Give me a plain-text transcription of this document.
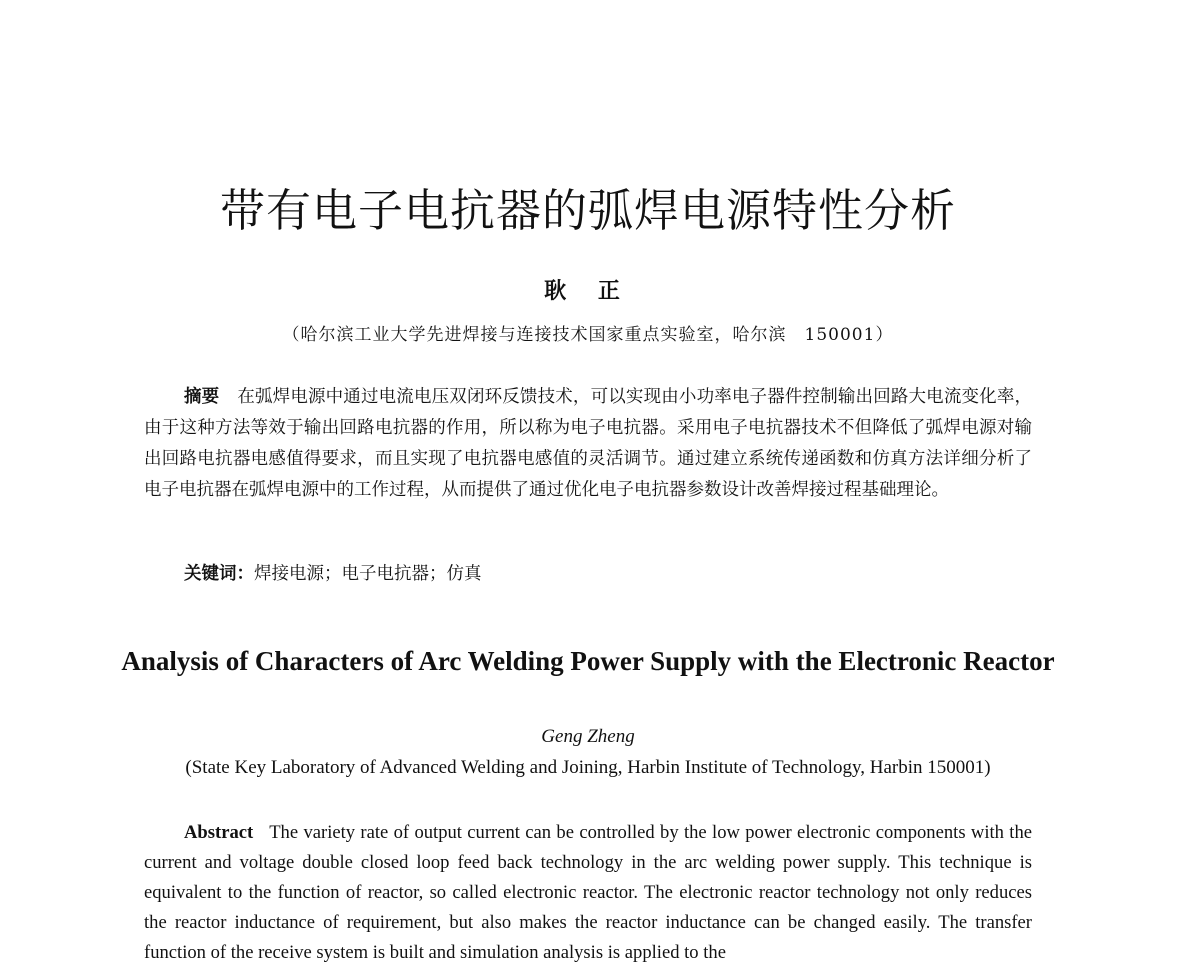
带有电子电抗器的弧焊电源特性分析
耿 正
（哈尔滨工业大学先进焊接与连接技术国家重点实验室，哈尔滨　150001）

摘要 在弧焊电源中通过电流电压双闭环反馈技术，可以实现由小功率电子器件控制输出回路大电流变化率，由于这种方法等效于输出回路电抗器的作用，所以称为电子电抗器。采用电子电抗器技术不但降低了弧焊电源对输出回路电抗器电感值得要求，而且实现了电抗器电感值的灵活调节。通过建立系统传递函数和仿真方法详细分析了电子电抗器在弧焊电源中的工作过程，从而提供了通过优化电子电抗器参数设计改善焊接过程基础理论。

关键词：焊接电源；电子电抗器；仿真
Analysis of Characters of Arc Welding Power Supply with the Electronic Reactor
Geng Zheng
(State Key Laboratory of Advanced Welding and Joining, Harbin Institute of Technology, Harbin 150001)

Abstract The variety rate of output current can be controlled by the low power electronic components with the current and voltage double closed loop feed back technology in the arc welding power supply. This technique is equivalent to the function of reactor, so called electronic reactor. The electronic reactor technology not only reduces the reactor inductance of requirement, but also makes the reactor inductance can be changed easily. The transfer function of the receive system is built and simulation analysis is applied to the
